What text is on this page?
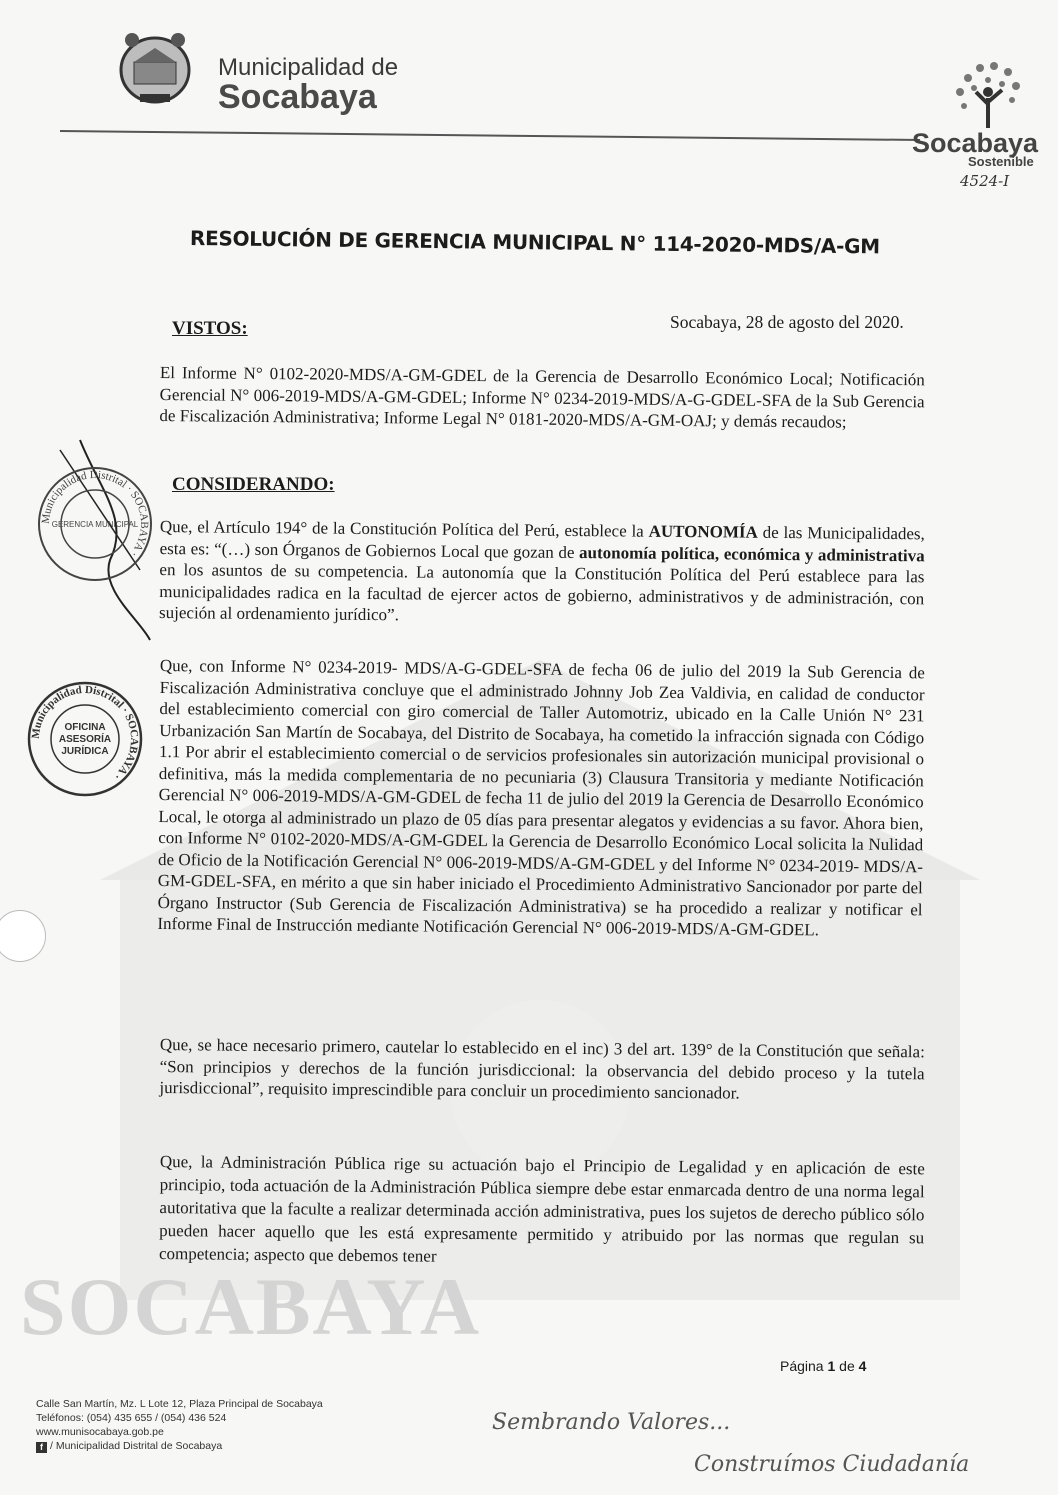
SOCABAYA
Municipalidad de
Socabaya
Socabaya
Sostenible
4524-I
RESOLUCIÓN DE GERENCIA MUNICIPAL N° 114-2020-MDS/A-GM
Socabaya, 28 de agosto del 2020.
VISTOS:
El Informe N° 0102-2020-MDS/A-GM-GDEL de la Gerencia de Desarrollo Económico Local; Notificación Gerencial N° 006-2019-MDS/A-GM-GDEL; Informe N° 0234-2019-MDS/A-G-GDEL-SFA de la Sub Gerencia de Fiscalización Administrativa; Informe Legal N° 0181-2020-MDS/A-GM-OAJ; y demás recaudos;
CONSIDERANDO:
Que, el Artículo 194° de la Constitución Política del Perú, establece la AUTONOMÍA de las Municipalidades, esta es: “(…) son Órganos de Gobiernos Local que gozan de autonomía política, económica y administrativa en los asuntos de su competencia. La autonomía que la Constitución Política del Perú establece para las municipalidades radica en la facultad de ejercer actos de gobierno, administrativos y de administración, con sujeción al ordenamiento jurídico”.
Que, con Informe N° 0234-2019- MDS/A-G-GDEL-SFA de fecha 06 de julio del 2019 la Sub Gerencia de Fiscalización Administrativa concluye que el administrado Johnny Job Zea Valdivia, en calidad de conductor del establecimiento comercial con giro comercial de Taller Automotriz, ubicado en la Calle Unión N° 231 Urbanización San Martín de Socabaya, del Distrito de Socabaya, ha cometido la infracción signada con Código 1.1 Por abrir el establecimiento comercial o de servicios profesionales sin autorización municipal provisional o definitiva, más la medida complementaria de no pecuniaria (3) Clausura Transitoria y mediante Notificación Gerencial N° 006-2019-MDS/A-GM-GDEL de fecha 11 de julio del 2019 la Gerencia de Desarrollo Económico Local, le otorga al administrado un plazo de 05 días para presentar alegatos y evidencias a su favor. Ahora bien, con Informe N° 0102-2020-MDS/A-GM-GDEL la Gerencia de Desarrollo Económico Local solicita la Nulidad de Oficio de la Notificación Gerencial N° 006-2019-MDS/A-GM-GDEL y del Informe N° 0234-2019- MDS/A-GM-GDEL-SFA, en mérito a que sin haber iniciado el Procedimiento Administrativo Sancionador por parte del Órgano Instructor (Sub Gerencia de Fiscalización Administrativa) se ha procedido a realizar y notificar el Informe Final de Instrucción mediante Notificación Gerencial N° 006-2019-MDS/A-GM-GDEL.
Que, se hace necesario primero, cautelar lo establecido en el inc) 3 del art. 139° de la Constitución que señala: “Son principios y derechos de la función jurisdiccional: la observancia del debido proceso y la tutela jurisdiccional”, requisito imprescindible para concluir un procedimiento sancionador.
Que, la Administración Pública rige su actuación bajo el Principio de Legalidad y en aplicación de este principio, toda actuación de la Administración Pública siempre debe estar enmarcada dentro de una norma legal autoritativa que la faculte a realizar determinada acción administrativa, pues los sujetos de derecho público sólo pueden hacer aquello que les está expresamente permitido y atribuido por las normas que regulan su competencia; aspecto que debemos tener
Municipalidad Distrital · SOCABAYA ·
GERENCIA MUNICIPAL
Municipalidad Distrital · SOCABAYA ·
OFICINA
ASESORÍA
JURÍDICA
Página 1 de 4
Calle San Martín, Mz. L Lote 12, Plaza Principal de Socabaya
Teléfonos: (054) 435 655 / (054) 436 524
www.munisocabaya.gob.pe
f / Municipalidad Distrital de Socabaya
Sembrando Valores...
Construímos Ciudadanía
